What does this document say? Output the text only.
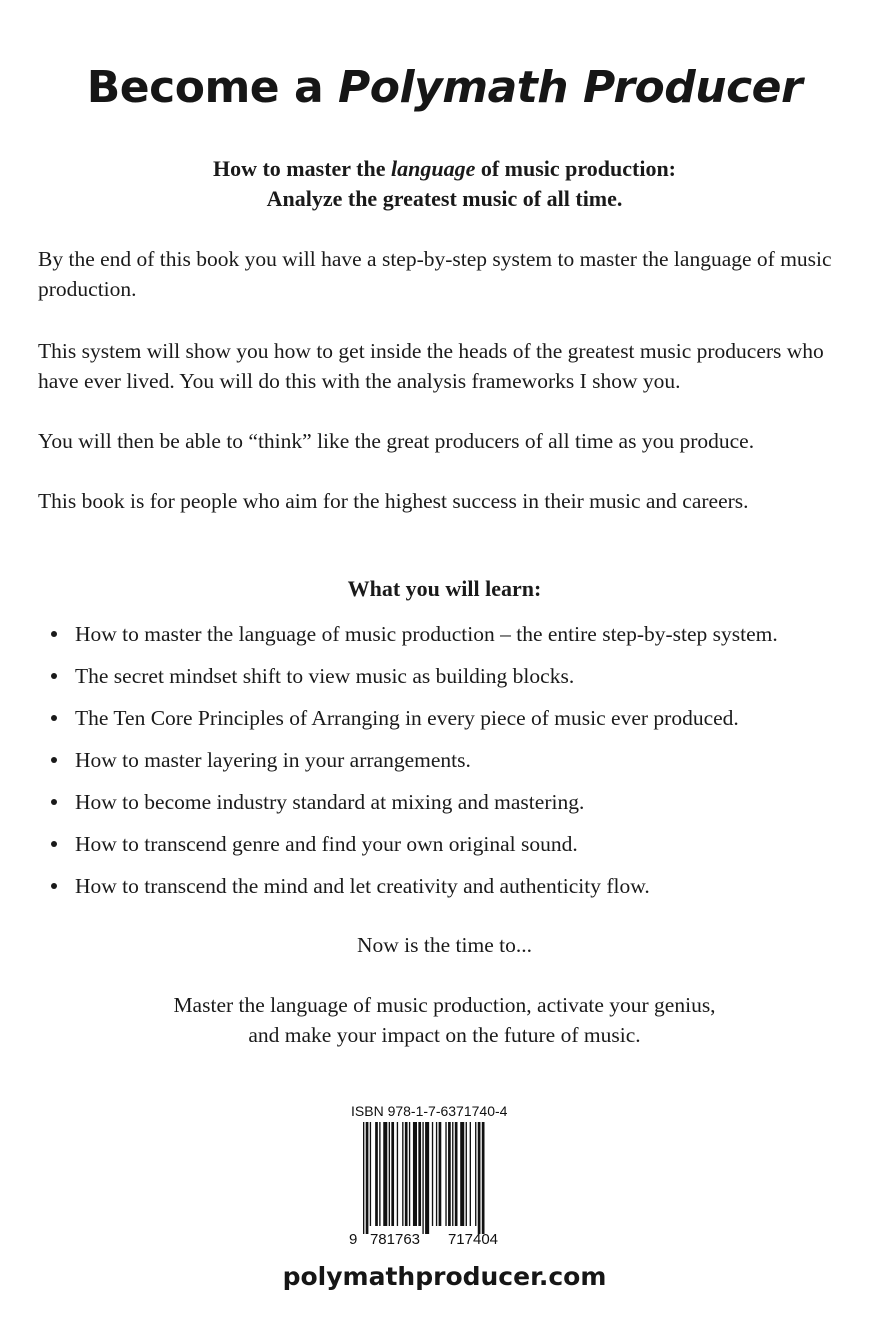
Become a Polymath Producer

How to master the language of music production:

Analyze the greatest music of all time.

By the end of this book you will have a step-by-step system to master the language of music production.

This system will show you how to get inside the heads of the greatest music producers who have ever lived. You will do this with the analysis frameworks I show you.

You will then be able to “think” like the great producers of all time as you produce.

This book is for people who aim for the highest success in their music and careers.

What you will learn:

How to master the language of music production – the entire step-by-step system.
The secret mindset shift to view music as building blocks.
The Ten Core Principles of Arranging in every piece of music ever produced.
How to master layering in your arrangements.
How to become industry standard at mixing and mastering.
How to transcend genre and find your own original sound.
How to transcend the mind and let creativity and authenticity flow.

Now is the time to...

Master the language of music production, activate your genius,

and make your impact on the future of music.

ISBN 978-1-7-6371740-4

9 781763 717404

polymathproducer.com
